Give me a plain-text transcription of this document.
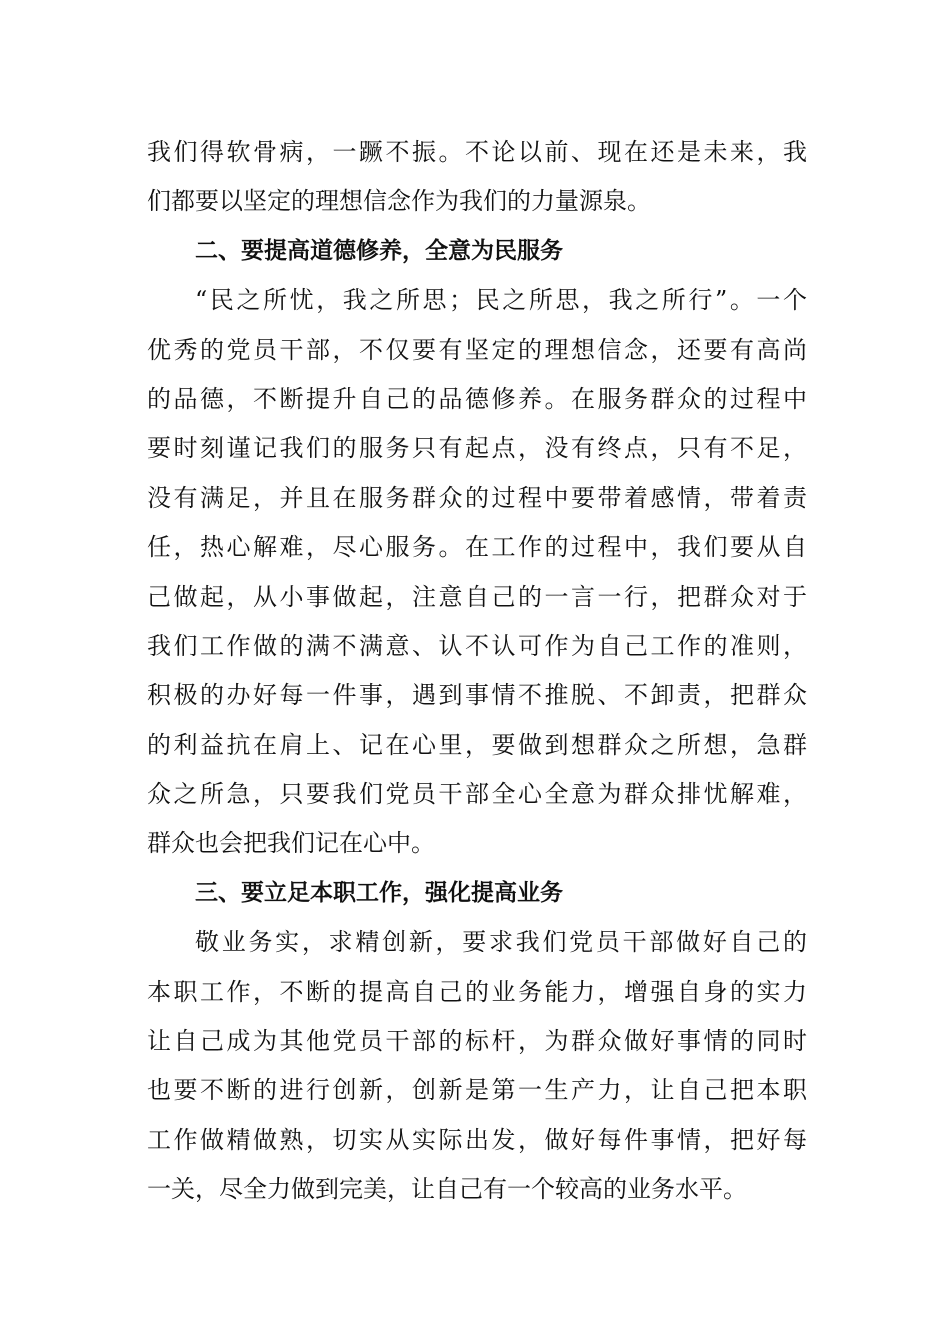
我们得软骨病，一蹶不振。不论以前、现在还是未来，我
们都要以坚定的理想信念作为我们的力量源泉。
二、要提高道德修养，全意为民服务
“民之所忧，我之所思；民之所思，我之所行”。一个
优秀的党员干部，不仅要有坚定的理想信念，还要有高尚
的品德，不断提升自己的品德修养。在服务群众的过程中
要时刻谨记我们的服务只有起点，没有终点，只有不足，
没有满足，并且在服务群众的过程中要带着感情，带着责
任，热心解难，尽心服务。在工作的过程中，我们要从自
己做起，从小事做起，注意自己的一言一行，把群众对于
我们工作做的满不满意、认不认可作为自己工作的准则，
积极的办好每一件事，遇到事情不推脱、不卸责，把群众
的利益抗在肩上、记在心里，要做到想群众之所想，急群
众之所急，只要我们党员干部全心全意为群众排忧解难，
群众也会把我们记在心中。
三、要立足本职工作，强化提高业务
敬业务实，求精创新，要求我们党员干部做好自己的
本职工作，不断的提高自己的业务能力，增强自身的实力
让自己成为其他党员干部的标杆，为群众做好事情的同时
也要不断的进行创新，创新是第一生产力，让自己把本职
工作做精做熟，切实从实际出发，做好每件事情，把好每
一关，尽全力做到完美，让自己有一个较高的业务水平。
